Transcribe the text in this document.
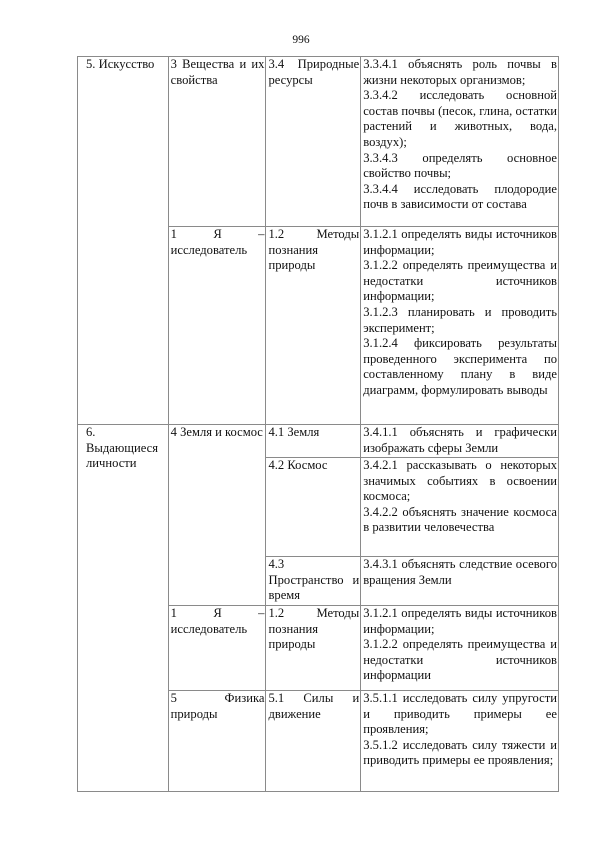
996
5. Искусство	3 Вещества и их свойства	3.4 Природные ресурсы	3.3.4.1 объяснять роль почвы в жизни некоторых организмов;
3.3.4.2 исследовать основной состав почвы (песок, глина, остатки растений и животных, вода, воздух);
3.3.4.3 определять основное свойство почвы;
3.3.4.4 исследовать плодородие почв в зависимости от состава

	1 Я – исследователь	1.2 Методы познания природы	3.1.2.1 определять виды источников информации;
3.1.2.2 определять преимущества и недостатки источников информации;
3.1.2.3 планировать и проводить эксперимент;
3.1.2.4 фиксировать результаты проведенного эксперимента по составленному плану в виде диаграмм, формулировать выводы

6. Выдающиеся личности	4 Земля и космос	4.1 Земля	3.4.1.1 объяснять и графически изображать сферы Земли

		4.2 Космос	3.4.2.1 рассказывать о некоторых значимых событиях в освоении космоса;
3.4.2.2 объяснять значение космоса в развитии человечества

		4.3 Пространство и время	3.4.3.1 объяснять следствие осевого вращения Земли

	1 Я – исследователь	1.2 Методы познания природы	3.1.2.1 определять виды источников информации;
3.1.2.2 определять преимущества и недостатки источников информации

	5 Физика природы	5.1 Силы и движение	3.5.1.1 исследовать силу упругости и приводить примеры ее проявления;
3.5.1.2 исследовать силу тяжести и приводить примеры ее проявления;
